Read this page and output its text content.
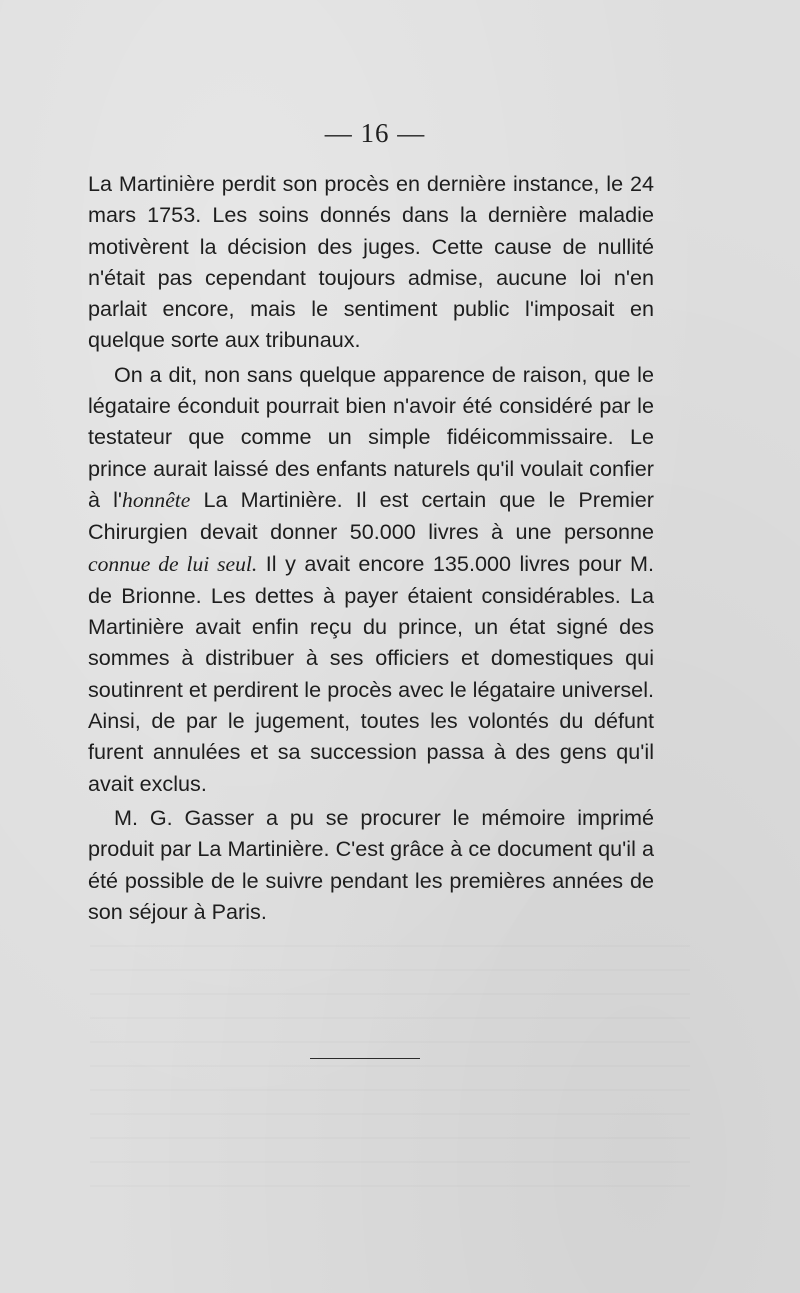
— 16 —

La Martinière perdit son procès en dernière instance, le 24 mars 1753. Les soins donnés dans la dernière maladie motivèrent la décision des juges. Cette cause de nullité n'était pas cependant toujours admise, aucune loi n'en parlait encore, mais le sentiment public l'imposait en quelque sorte aux tribunaux.

On a dit, non sans quelque apparence de raison, que le légataire éconduit pourrait bien n'avoir été considéré par le testateur que comme un simple fidéicommissaire. Le prince aurait laissé des enfants naturels qu'il voulait confier à l'honnête La Martinière. Il est certain que le Premier Chirurgien devait donner 50.000 livres à une personne connue de lui seul. Il y avait encore 135.000 livres pour M. de Brionne. Les dettes à payer étaient considérables. La Martinière avait enfin reçu du prince, un état signé des sommes à distribuer à ses officiers et domestiques qui soutinrent et perdirent le procès avec le légataire universel. Ainsi, de par le jugement, toutes les volontés du défunt furent annulées et sa succession passa à des gens qu'il avait exclus.

M. G. Gasser a pu se procurer le mémoire imprimé produit par La Martinière. C'est grâce à ce document qu'il a été possible de le suivre pendant les premières années de son séjour à Paris.
